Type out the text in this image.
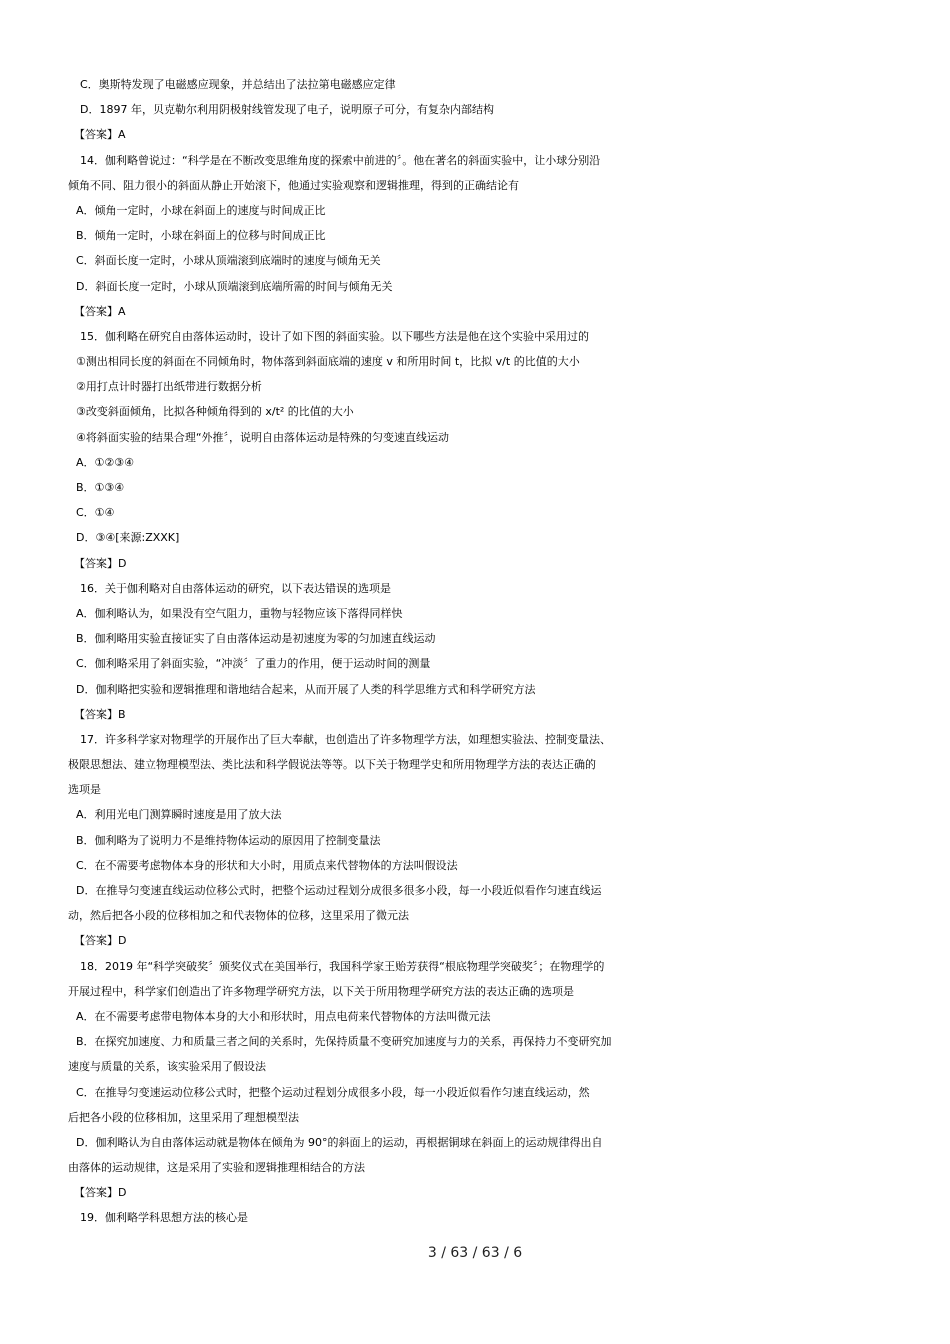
C．奥斯特发现了电磁感应现象，并总结出了法拉第电磁感应定律
D．1897 年，贝克勒尔利用阴极射线管发现了电子，说明原子可分，有复杂内部结构
【答案】A
14．伽利略曾说过：“科学是在不断改变思维角度的探索中前进的〞。他在著名的斜面实验中，让小球分别沿
倾角不同、阻力很小的斜面从静止开始滚下，他通过实验观察和逻辑推理，得到的正确结论有
A．倾角一定时，小球在斜面上的速度与时间成正比
B．倾角一定时，小球在斜面上的位移与时间成正比
C．斜面长度一定时，小球从顶端滚到底端时的速度与倾角无关
D．斜面长度一定时，小球从顶端滚到底端所需的时间与倾角无关
【答案】A
15．伽利略在研究自由落体运动时，设计了如下图的斜面实验。以下哪些方法是他在这个实验中采用过的
①测出相同长度的斜面在不同倾角时，物体落到斜面底端的速度 v 和所用时间 t，比拟 v/t 的比值的大小
②用打点计时器打出纸带进行数据分析
③改变斜面倾角，比拟各种倾角得到的 x/t² 的比值的大小
④将斜面实验的结果合理“外推〞，说明自由落体运动是特殊的匀变速直线运动
A．①②③④
B．①③④
C．①④
D．③④[来源:ZXXK]
【答案】D
16．关于伽利略对自由落体运动的研究，以下表达错误的选项是
A．伽利略认为，如果没有空气阻力，重物与轻物应该下落得同样快
B．伽利略用实验直接证实了自由落体运动是初速度为零的匀加速直线运动
C．伽利略采用了斜面实验，“冲淡〞了重力的作用，便于运动时间的测量
D．伽利略把实验和逻辑推理和谐地结合起来，从而开展了人类的科学思维方式和科学研究方法
【答案】B
17．许多科学家对物理学的开展作出了巨大奉献，也创造出了许多物理学方法，如理想实验法、控制变量法、
极限思想法、建立物理模型法、类比法和科学假说法等等。以下关于物理学史和所用物理学方法的表达正确的
选项是
A．利用光电门测算瞬时速度是用了放大法
B．伽利略为了说明力不是维持物体运动的原因用了控制变量法
C．在不需要考虑物体本身的形状和大小时，用质点来代替物体的方法叫假设法
D．在推导匀变速直线运动位移公式时，把整个运动过程划分成很多很多小段，每一小段近似看作匀速直线运
动，然后把各小段的位移相加之和代表物体的位移，这里采用了微元法
【答案】D
18．2019 年“科学突破奖〞颁奖仪式在美国举行，我国科学家王贻芳获得“根底物理学突破奖〞；在物理学的
开展过程中，科学家们创造出了许多物理学研究方法，以下关于所用物理学研究方法的表达正确的选项是
A．在不需要考虑带电物体本身的大小和形状时，用点电荷来代替物体的方法叫微元法
B．在探究加速度、力和质量三者之间的关系时，先保持质量不变研究加速度与力的关系，再保持力不变研究加
速度与质量的关系，该实验采用了假设法
C．在推导匀变速运动位移公式时，把整个运动过程划分成很多小段，每一小段近似看作匀速直线运动，然
后把各小段的位移相加，这里采用了理想模型法
D．伽利略认为自由落体运动就是物体在倾角为 90°的斜面上的运动，再根据铜球在斜面上的运动规律得出自
由落体的运动规律，这是采用了实验和逻辑推理相结合的方法
【答案】D
19．伽利略学科思想方法的核心是
3 / 63 / 63 / 6
